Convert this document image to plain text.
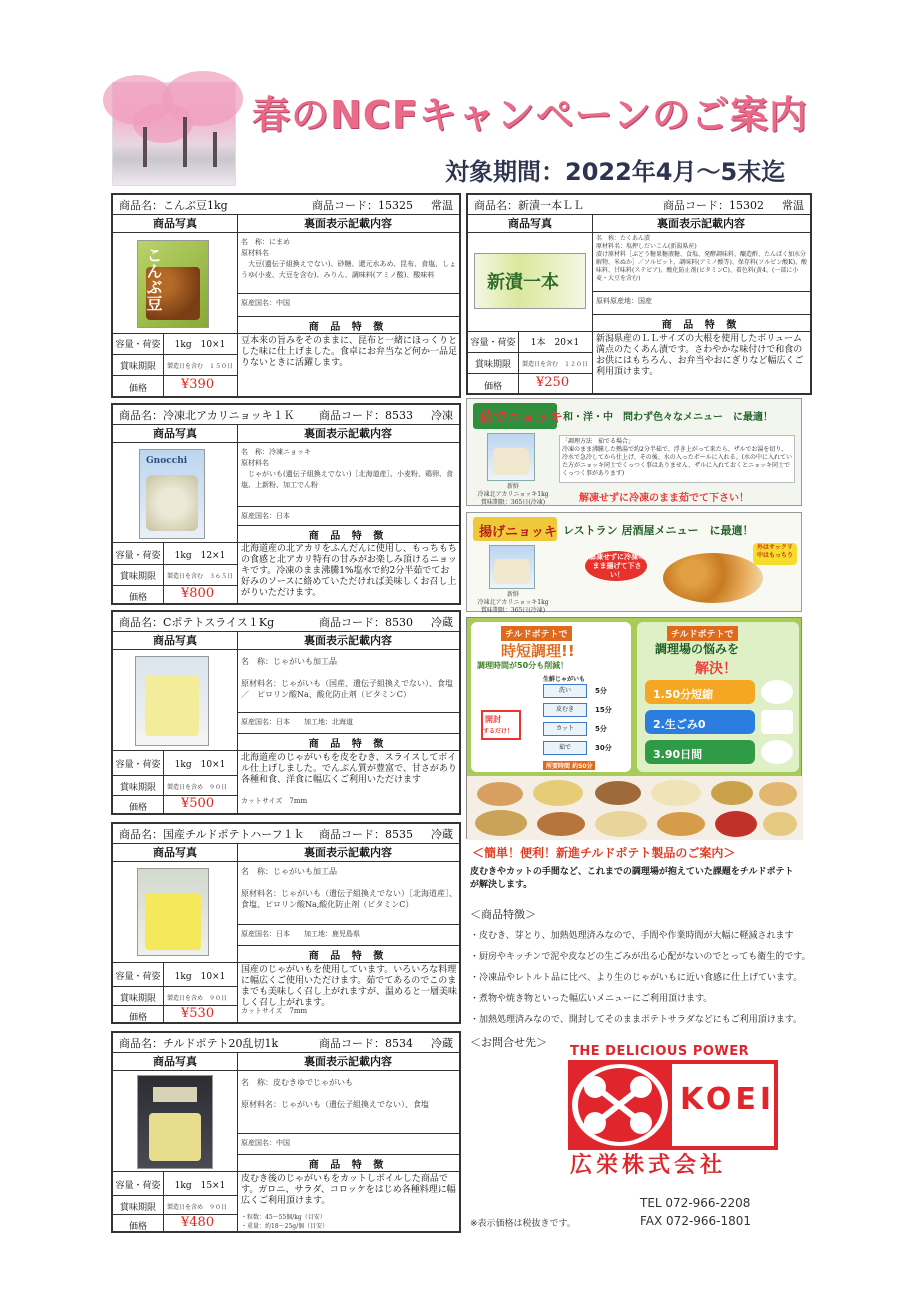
春のNCFキャンペーンのご案内
対象期間：2022年4月～5末迄
商品名：こんぶ豆1kg	商品コード：15325 常温
商品写真	裏面表示記載内容
こんぶ豆
名　称：にまめ
原材料名
　大豆(遺伝子組換えでない)、砂糖、還元水あめ、昆布、食塩、しょうゆ(小麦、大豆を含む)、みりん、調味料(アミノ酸)、酸味料
原産国名：中国
商 品 特 徴
豆本来の旨みをそのままに、昆布と一緒にほっくりとした味に仕上げました。食卓にお弁当など何か一品足りないときに活躍します。
容量・荷姿	1kg　10×1
賞味期限	製造日を含む　１５０日
価格	¥390
商品名：新漬一本ＬＬ	商品コード：15302 常温
商品写真	裏面表示記載内容
新漬一本
名　称：たくあん漬
原材料名：塩押しだいこん(新潟県産)
漬け原材料［ぶどう糖果糖液糖、食塩、発酵調味料、醸造酢、たんぱく加水分解物、米ぬか］／ソルビット、調味料(アミノ酸等)、保存料(ソルビン酸K)、酸味料、甘味料(ステビア)、酸化防止剤(ビタミンC)、着色料(黄4、(一部に小麦・大豆を含む)
原料原産地：国産
商 品 特 徴
新潟県産のＬＬサイズの大根を使用したボリューム満点のたくあん漬です。さわやかな味付けで和食のお供にはもちろん、お弁当やおにぎりなど幅広くご利用頂けます。
容量・荷姿	1本　20×1
賞味期限	製造日を含む　１２０日
価格	¥250
商品名：冷凍北アカリニョッキ１Ｋ 商品コード：8533 冷凍
商品写真	裏面表示記載内容
Gnocchi
名　称：冷凍ニョッキ
原材料名
　じゃがいも(遺伝子組換えでない)［北海道産］、小麦粉、鶏卵、食塩、上新粉、加工でん粉
原産国名：日本
商 品 特 徴
北海道産の北アカリをふんだんに使用し、もっちもちの食感と北アカリ特有の甘みがお楽しみ頂けるニョッキです。冷凍のまま沸騰1%塩水で約2分半茹でてお好みのソースに絡めていただければ美味しくお召し上がりいただけます。
容量・荷姿	1kg　12×1
賞味期限	製造日を含む　３６５日
価格	¥800
商品名：Cポテトスライス１Kg	商品コード：8530 冷蔵
商品写真	裏面表示記載内容
名　称：じゃがいも加工品

原材料名：じゃがいも（国産、遺伝子組換えでない）、食塩　／　ピロリン酸Na、酸化防止剤（ビタミンC）
原産国名：日本　　加工地：北海道
商 品 特 徴
北海道産のじゃがいもを皮をむき、スライスしてボイル仕上げしました。でんぷん質が豊富で、甘さがあり各種和食、洋食に幅広くご利用いただけます
カットサイズ　7mm
容量・荷姿	1kg　10×1
賞味期限	製造日を含め　９０日
価格	¥500
商品名：国産チルドポテトハーフ１ｋ 商品コード：8535 冷蔵
商品写真	裏面表示記載内容
名　称：じゃがいも加工品

原材料名：じゃがいも（遺伝子組換えでない）［北海道産］、食塩、ピロリン酸Na,酸化防止剤（ビタミンC）
原産国名：日本　　加工地：鹿児島県
商 品 特 徴
国産のじゃがいもを使用しています。いろいろな料理に幅広くご使用いただけます。茹でてあるのでこのままでも美味しく召し上がれますが、温めると一層美味しく召し上がれます。
カットサイズ　7mm
容量・荷姿	1kg　10×1
賞味期限	製造日を含め　９０日
価格	¥530
商品名：チルドポテト20乱切1k	商品コード：8534 冷蔵
商品写真	裏面表示記載内容
名　称：皮むきゆでじゃがいも

原材料名：じゃがいも（遺伝子組換えでない）、食塩
原産国名：中国
商 品 特 徴
皮むき後のじゃがいもをカットしボイルした商品です。ガロニ、サラダ、コロッケをはじめ各種料理に幅広くご利用頂けます。
・粒数：45～55個/kg（目安）
・重量：約18～25g/個（目安）
容量・荷姿	1kg　15×1
賞味期限	製造日を含め　９０日
価格	¥480
茹でニョッキ 和・洋・中　問わず色々なメニュー　に最適！
新鮮
冷凍北アカリニョッキ1kg
賞味期限：365日(冷凍)
「調理方法　茹でる場合」
冷凍のまま沸騰した熱湯で約2分半茹で、浮き上がって来たら、ザルでお湯を切り、冷水で急冷してから仕上げ、その後、水の入ったボールに入れる。(水の中に入れていた方がニョッキ同士でくっつく事はありません、ザルに入れておくとニョッキ同士でくっつく事があります)
解凍せずに冷凍のまま茹でて下さい！
揚げニョッキ レストラン 居酒屋メニュー　に最適！
新鮮
冷凍北アカリニョッキ1kg
賞味期限：365日(冷凍)
解凍せずに冷凍のまま揚げて下さい！
外はサックリ中はもっちり
チルドポテトで
時短調理!!
調理時間が50分も削減！
生鮮じゃがいも
開封
するだけ！
洗い	5分
皮むき	15分
カット	5分
茹で	30分
所要時間 約50分
チルドポテトで
調理場の悩みを
解決！
1.50分短縮
2.生ごみ0
3.90日間
＜簡単！便利！新進チルドポテト製品のご案内＞
皮むきやカットの手間など、これまでの調理場が抱えていた課題をチルドポテトが解決します。
＜商品特徴＞
・皮むき、芽とり、加熱処理済みなので、手間や作業時間が大幅に軽減されます
・厨房やキッチンで泥や皮などの生ごみが出る心配がないのでとっても衛生的です。
・冷凍品やレトルト品に比べ、より生のじゃがいもに近い食感に仕上げています。
・煮物や焼き物といった幅広いメニューにご利用頂けます。
・加熱処理済みなので、開封してそのままポテトサラダなどにもご利用頂けます。
＜お問合せ先＞
THE DELICIOUS POWER
KOEI
広栄株式会社
TEL 072-966-2208
FAX 072-966-1801
※表示価格は税抜きです。
